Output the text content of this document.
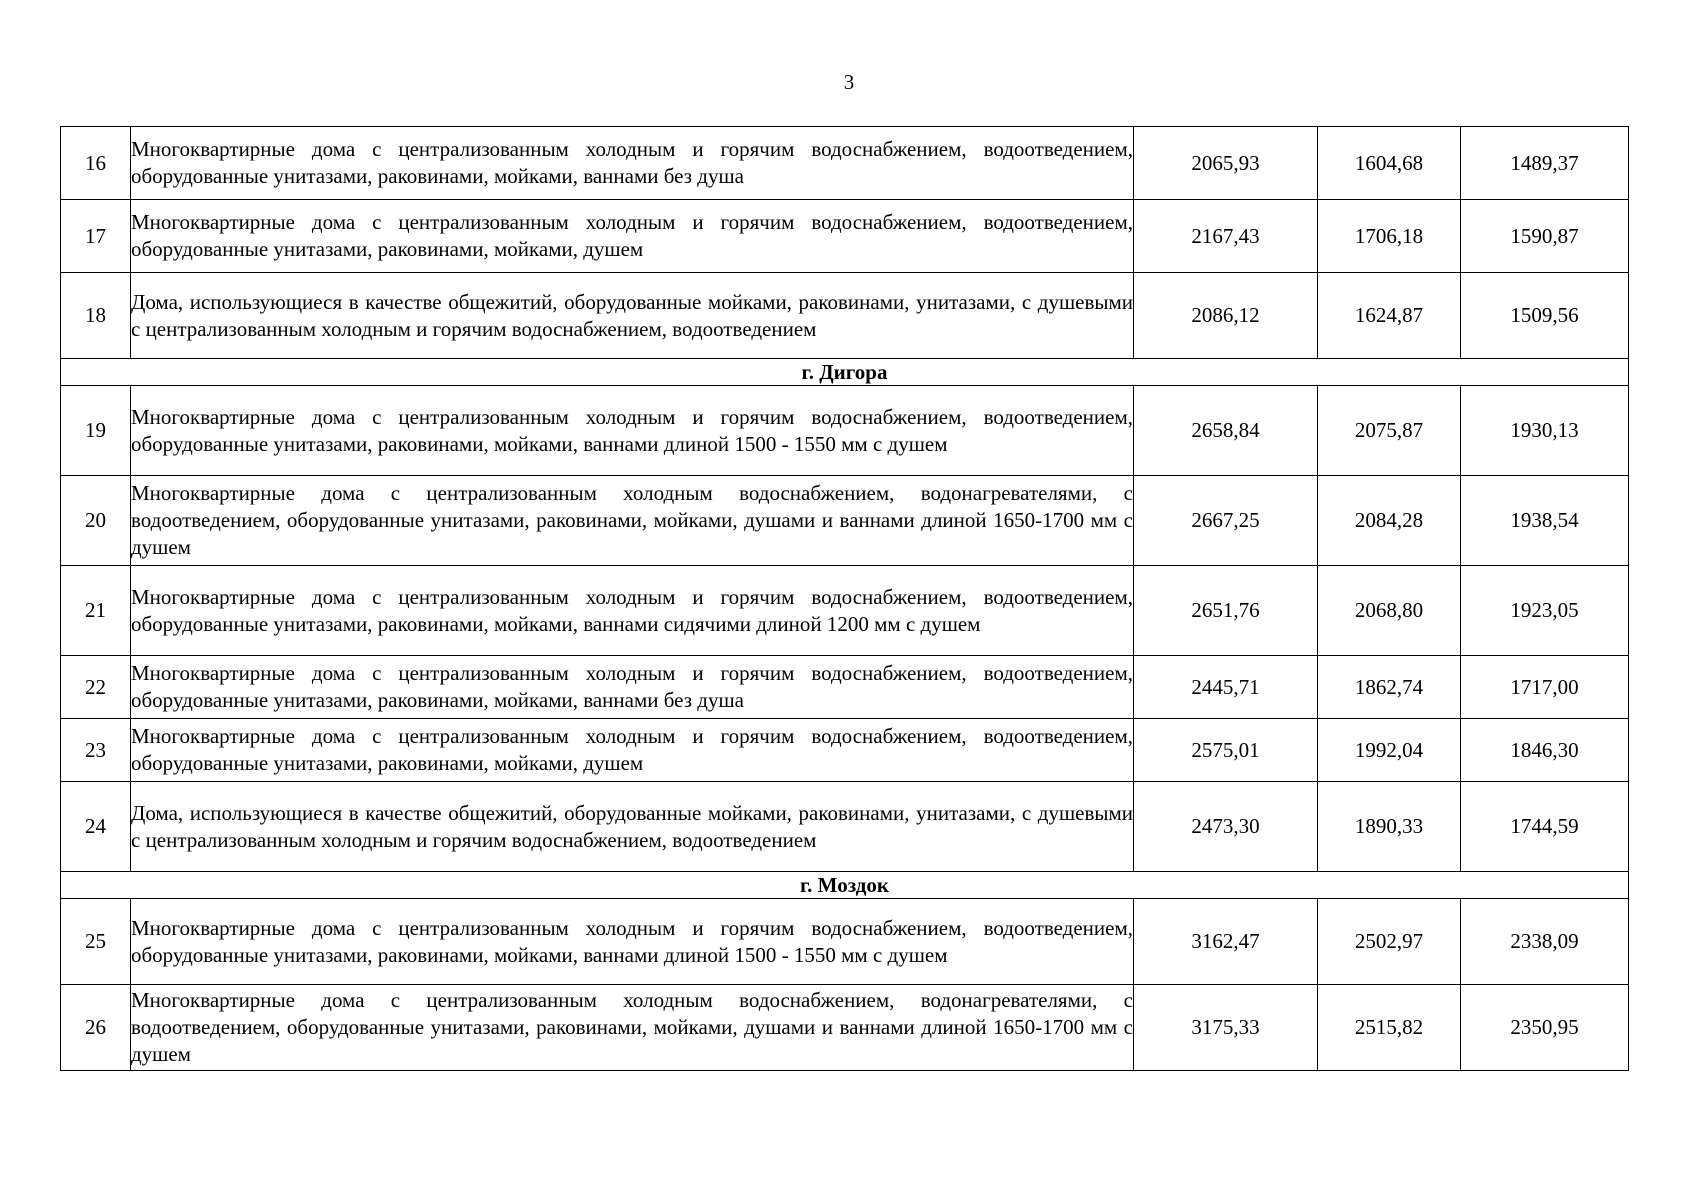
3
16	Многоквартирные дома с централизованным холодным и горячим водоснабжением, водоотведением, оборудованные унитазами, раковинами, мойками, ваннами без душа	2065,93	1604,68	1489,37
17	Многоквартирные дома с централизованным холодным и горячим водоснабжением, водоотведением, оборудованные унитазами, раковинами, мойками, душем	2167,43	1706,18	1590,87
18	Дома, использующиеся в качестве общежитий, оборудованные мойками, раковинами, унитазами, с душевыми с централизованным холодным и горячим водоснабжением, водоотведением	2086,12	1624,87	1509,56
г. Дигора				
19	Многоквартирные дома с централизованным холодным и горячим водоснабжением, водоотведением, оборудованные унитазами, раковинами, мойками, ваннами длиной 1500 - 1550 мм с душем	2658,84	2075,87	1930,13
20	Многоквартирные дома с централизованным холодным водоснабжением, водонагревателями, с водоотведением, оборудованные унитазами, раковинами, мойками, душами и ваннами длиной 1650-1700 мм с душем	2667,25	2084,28	1938,54
21	Многоквартирные дома с централизованным холодным и горячим водоснабжением, водоотведением, оборудованные унитазами, раковинами, мойками, ваннами сидячими длиной 1200 мм с душем	2651,76	2068,80	1923,05
22	Многоквартирные дома с централизованным холодным и горячим водоснабжением, водоотведением, оборудованные унитазами, раковинами, мойками, ваннами без душа	2445,71	1862,74	1717,00
23	Многоквартирные дома с централизованным холодным и горячим водоснабжением, водоотведением, оборудованные унитазами, раковинами, мойками, душем	2575,01	1992,04	1846,30
24	Дома, использующиеся в качестве общежитий, оборудованные мойками, раковинами, унитазами, с душевыми с централизованным холодным и горячим водоснабжением, водоотведением	2473,30	1890,33	1744,59
г. Моздок				
25	Многоквартирные дома с централизованным холодным и горячим водоснабжением, водоотведением, оборудованные унитазами, раковинами, мойками, ваннами длиной 1500 - 1550 мм с душем	3162,47	2502,97	2338,09
26	Многоквартирные дома с централизованным холодным водоснабжением, водонагревателями, с водоотведением, оборудованные унитазами, раковинами, мойками, душами и ваннами длиной 1650-1700 мм с душем	3175,33	2515,82	2350,95
